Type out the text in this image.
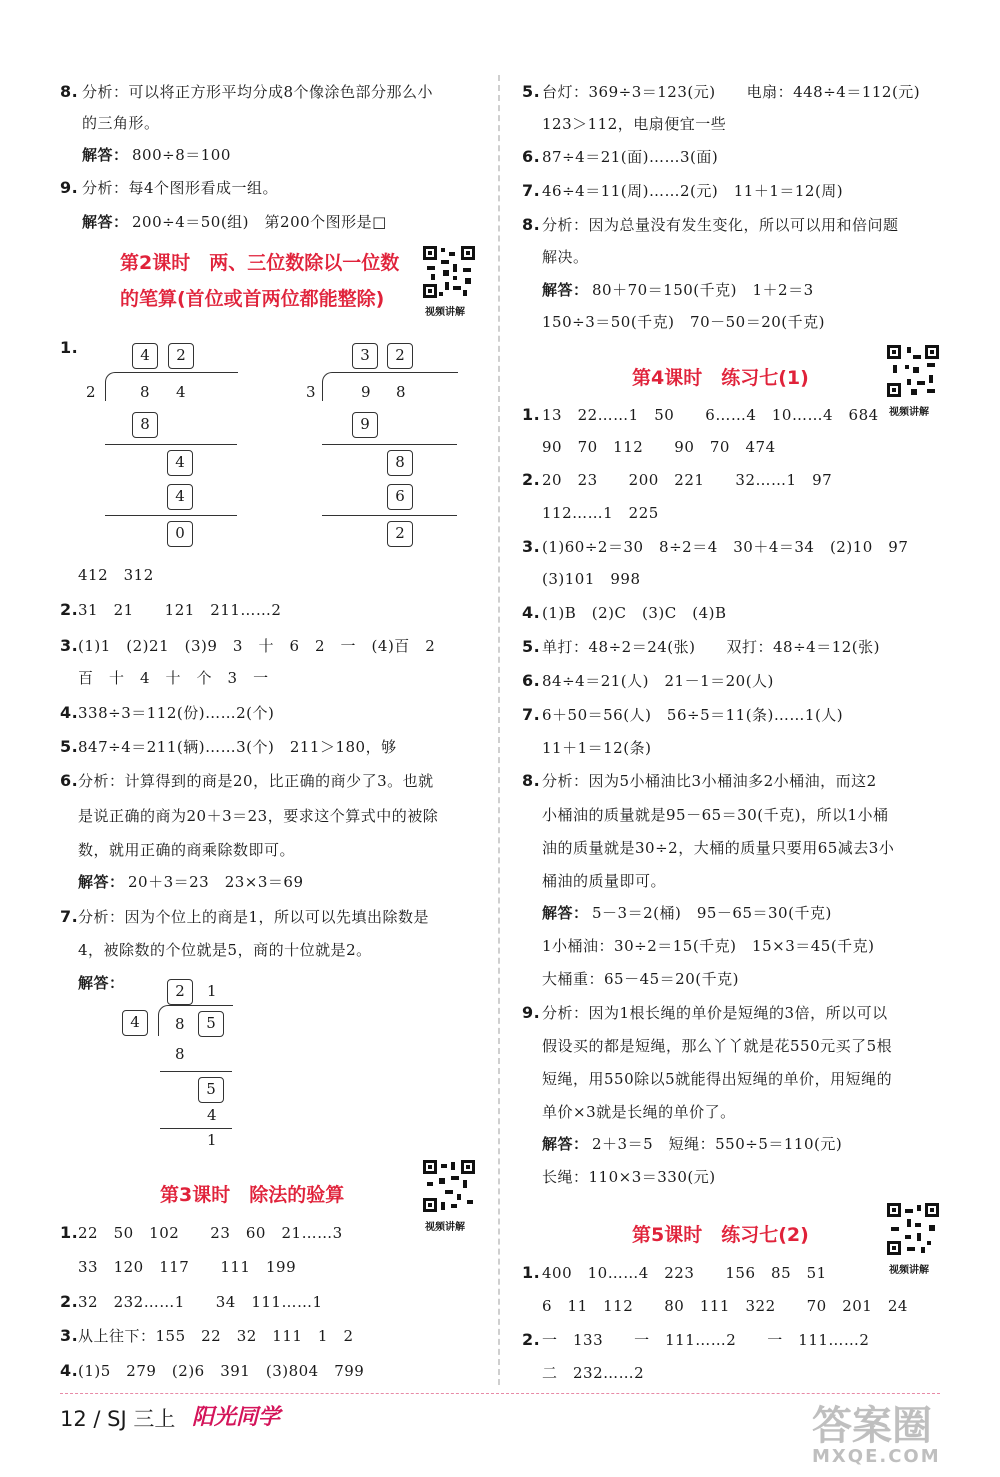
8. 分析：可以将正方形平均分成8个像涂色部分那么小
的三角形。
解答： 800÷8＝100
9. 分析：每4个图形看成一组。
解答： 200÷4＝50(组)　第200个图形是□
第2课时　两、三位数除以一位数
的笔算(首位或首两位都能整除)
视频讲解
1.	4	2
2	8 4
8
4
4
0
3	2
3	9 8
9
8
6
2
412　312
2. 31　21　　121　211……2
3. (1)1　(2)21　(3)9　3　十　6　2　一　(4)百　2
百　十　4　十　个　3　一
4. 338÷3＝112(份)……2(个)
5. 847÷4＝211(辆)……3(个)　211＞180，够
6. 分析：计算得到的商是20，比正确的商少了3。也就
是说正确的商为20＋3＝23，要求这个算式中的被除
数，就用正确的商乘除数即可。
解答： 20＋3＝23　23×3＝69
7. 分析：因为个位上的商是1，所以可以先填出除数是
4，被除数的个位就是5，商的十位就是2。
解答：	2	1
4	8	5
8
5
4
1
第3课时　除法的验算
视频讲解
1. 22　50　102　　23　60　21……3
33　120　117　　111　199
2. 32　232……1　　34　111……1
3. 从上往下：155　22　32　111　1　2
4. (1)5　279　(2)6　391　(3)804　799
5. 台灯：369÷3＝123(元)　　电扇：448÷4＝112(元)
123＞112，电扇便宜一些
6. 87÷4＝21(面)……3(面)
7. 46÷4＝11(周)……2(元)　11＋1＝12(周)
8. 分析：因为总量没有发生变化，所以可以用和倍问题
解决。
解答： 80＋70＝150(千克)　1＋2＝3
150÷3＝50(千克)　70－50＝20(千克)
第4课时　练习七(1)
视频讲解
1. 13　22……1　50　　6……4　10……4　684
90　70　112　　90　70　474
2. 20　23　　200　221　　32……1　97
112……1　225
3. (1)60÷2＝30　8÷2＝4　30＋4＝34　(2)10　97
(3)101　998
4. (1)B　(2)C　(3)C　(4)B
5. 单打：48÷2＝24(张)　　双打：48÷4＝12(张)
6. 84÷4＝21(人)　21－1＝20(人)
7. 6＋50＝56(人)　56÷5＝11(条)……1(人)
11＋1＝12(条)
8. 分析：因为5小桶油比3小桶油多2小桶油，而这2
小桶油的质量就是95－65＝30(千克)，所以1小桶
油的质量就是30÷2，大桶的质量只要用65减去3小
桶油的质量即可。
解答： 5－3＝2(桶)　95－65＝30(千克)
1小桶油：30÷2＝15(千克)　15×3＝45(千克)
大桶重：65－45＝20(千克)
9. 分析：因为1根长绳的单价是短绳的3倍，所以可以
假设买的都是短绳，那么丫丫就是花550元买了5根
短绳，用550除以5就能得出短绳的单价，用短绳的
单价×3就是长绳的单价了。
解答： 2＋3＝5　短绳：550÷5＝110(元)
长绳：110×3＝330(元)
第5课时　练习七(2)
视频讲解
1. 400　10……4　223　　156　85　51
6　11　112　　80　111　322　　70　201　24
2. 一　133　　一　111……2　　一　111……2
二　232……2
12 / SJ 三上 阳光同学	答案圈
MXQE.COM
